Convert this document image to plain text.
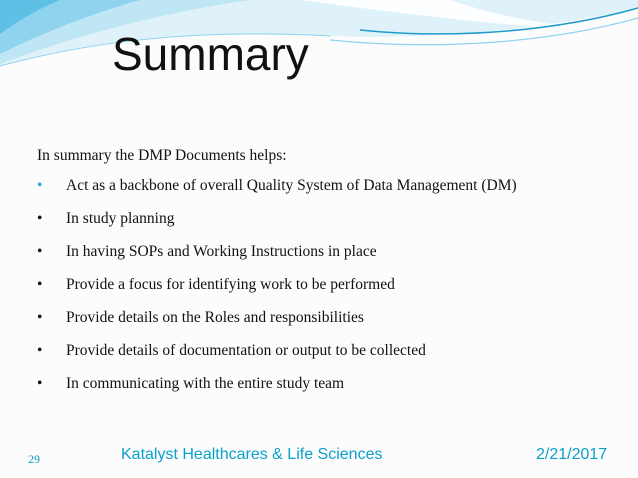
Summary
In summary the DMP Documents helps:
•	Act as a backbone of overall Quality System of Data Management (DM)
•	In study planning
•	In having SOPs and Working Instructions in place
•	Provide a focus for identifying work to be performed
•	Provide details on the Roles and responsibilities
•	Provide details of documentation or output to be collected
•	In communicating with the entire study team
29	Katalyst Healthcares & Life Sciences	2/21/2017
